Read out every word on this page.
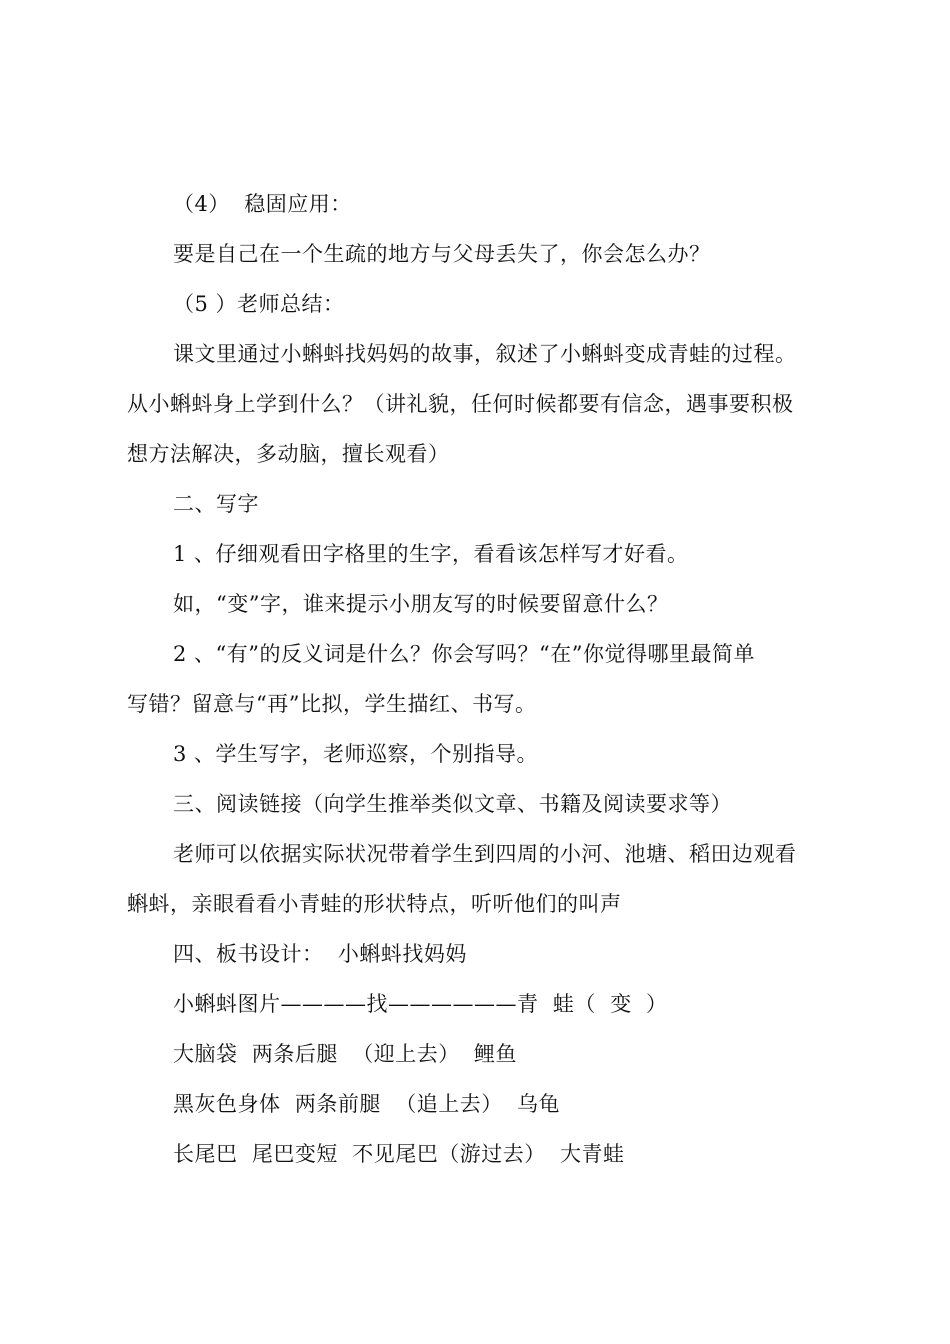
（4）  稳固应用：
要是自己在一个生疏的地方与父母丢失了，你会怎么办？
（5 ）老师总结：
课文里通过小蝌蚪找妈妈的故事，叙述了小蝌蚪变成青蛙的过程。
从小蝌蚪身上学到什么？（讲礼貌，任何时候都要有信念，遇事要积极
想方法解决，多动脑，擅长观看）
二、写字
1 、仔细观看田字格里的生字，看看该怎样写才好看。
如，“变”字，谁来提示小朋友写的时候要留意什么？
2 、“有”的反义词是什么？你会写吗？“在”你觉得哪里最简单
写错？留意与“再”比拟，学生描红、书写。
3 、学生写字，老师巡察，个别指导。
三、阅读链接（向学生推举类似文章、书籍及阅读要求等）
老师可以依据实际状况带着学生到四周的小河、池塘、稻田边观看
蝌蚪，亲眼看看小青蛙的形状特点，听听他们的叫声
四、板书设计：  小蝌蚪找妈妈
小蝌蚪图片————找——————青  蛙（  变  ）
大脑袋  两条后腿  （迎上去）  鲤鱼
黑灰色身体  两条前腿  （追上去）  乌龟
长尾巴  尾巴变短  不见尾巴（游过去）  大青蛙
